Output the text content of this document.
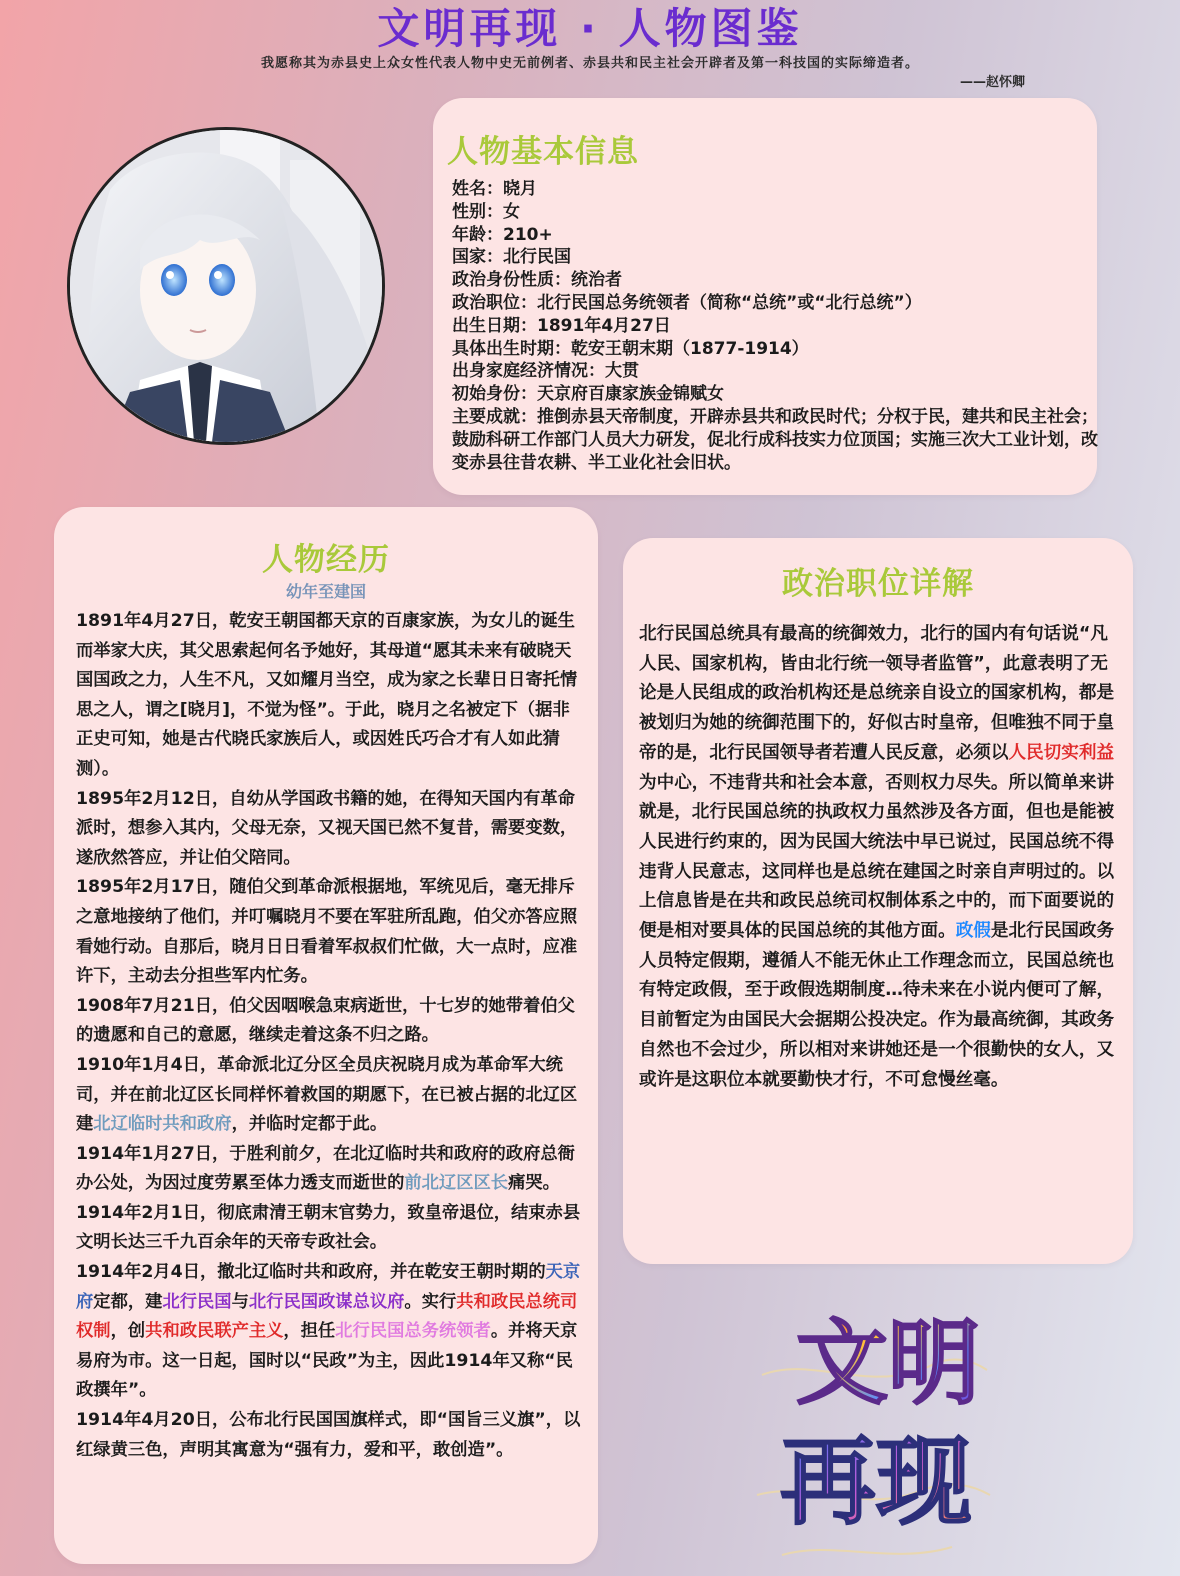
文明再现 · 人物图鉴
我愿称其为赤县史上众女性代表人物中史无前例者、赤县共和民主社会开辟者及第一科技国的实际缔造者。
——赵怀卿
人物基本信息
姓名：晓月
性别：女
年龄：210+
国家：北行民国
政治身份性质：统治者
政治职位：北行民国总务统领者（简称“总统”或“北行总统”）
出生日期：1891年4月27日
具体出生时期：乾安王朝末期（1877-1914）
出身家庭经济情况：大贯
初始身份：天京府百康家族金锦赋女
主要成就：推倒赤县天帝制度，开辟赤县共和政民时代；分权于民，建共和民主社会；鼓励科研工作部门人员大力研发，促北行成科技实力位顶国；实施三次大工业计划，改变赤县往昔农耕、半工业化社会旧状。
人物经历
幼年至建国

1891年4月27日，乾安王朝国都天京的百康家族，为女儿的诞生而举家大庆，其父思索起何名予她好，其母道“愿其未来有破晓天国国政之力，人生不凡，又如耀月当空，成为家之长辈日日寄托情思之人，谓之[晓月]，不觉为怪”。于此，晓月之名被定下（据非正史可知，她是古代晓氏家族后人，或因姓氏巧合才有人如此猜测）。

1895年2月12日，自幼从学国政书籍的她，在得知天国内有革命派时，想参入其内，父母无奈，又视天国已然不复昔，需要变数，遂欣然答应，并让伯父陪同。

1895年2月17日，随伯父到革命派根据地，军统见后，毫无排斥之意地接纳了他们，并叮嘱晓月不要在军驻所乱跑，伯父亦答应照看她行动。自那后，晓月日日看着军叔叔们忙做，大一点时，应准许下，主动去分担些军内忙务。

1908年7月21日，伯父因咽喉急束病逝世，十七岁的她带着伯父的遗愿和自己的意愿，继续走着这条不归之路。

1910年1月4日，革命派北辽分区全员庆祝晓月成为革命军大统司，并在前北辽区长同样怀着救国的期愿下，在已被占据的北辽区建北辽临时共和政府，并临时定都于此。

1914年1月27日，于胜利前夕，在北辽临时共和政府的政府总衙办公处，为因过度劳累至体力透支而逝世的前北辽区区长痛哭。

1914年2月1日，彻底肃清王朝末官势力，致皇帝退位，结束赤县文明长达三千九百余年的天帝专政社会。

1914年2月4日，撤北辽临时共和政府，并在乾安王朝时期的天京府定都，建北行民国与北行民国政谋总议府。实行共和政民总统司权制，创共和政民联产主义，担任北行民国总务统领者。并将天京易府为市。这一日起，国时以“民政”为主，因此1914年又称“民政撰年”。

1914年4月20日，公布北行民国国旗样式，即“国旨三义旗”，以红绿黄三色，声明其寓意为“强有力，爱和平，敢创造”。

政治职位详解

北行民国总统具有最高的统御效力，北行的国内有句话说“凡人民、国家机构，皆由北行统一领导者监管”，此意表明了无论是人民组成的政治机构还是总统亲自设立的国家机构，都是被划归为她的统御范围下的，好似古时皇帝，但唯独不同于皇帝的是，北行民国领导者若遭人民反意，必须以人民切实利益为中心，不违背共和社会本意，否则权力尽失。所以简单来讲就是，北行民国总统的执政权力虽然涉及各方面，但也是能被人民进行约束的，因为民国大统法中早已说过，民国总统不得违背人民意志，这同样也是总统在建国之时亲自声明过的。以上信息皆是在共和政民总统司权制体系之中的，而下面要说的便是相对要具体的民国总统的其他方面。政假是北行民国政务人员特定假期，遵循人不能无休止工作理念而立，民国总统也有特定政假，至于政假选期制度…待未来在小说内便可了解，目前暂定为由国民大会据期公投决定。作为最高统御，其政务自然也不会过少，所以相对来讲她还是一个很勤快的女人，又或许是这职位本就要勤快才行，不可怠慢丝毫。

文明
再现
